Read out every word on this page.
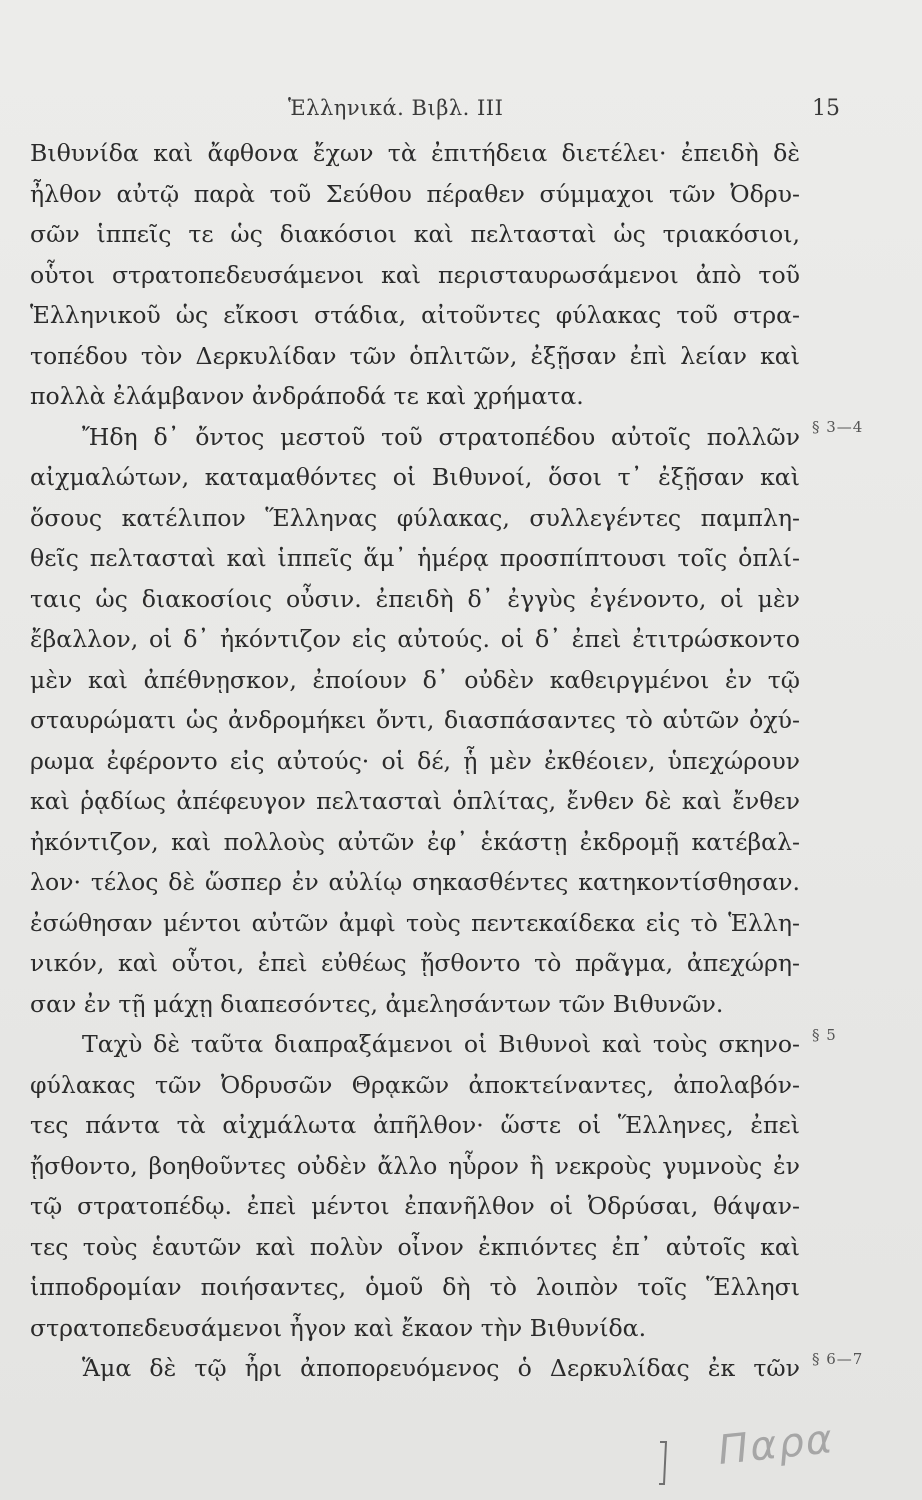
Ἑλληνικά. Βιβλ. III	15
Βιθυνίδα καὶ ἄφθονα ἔχων τὰ ἐπιτήδεια διετέλει· ἐπειδὴ δὲ
ἦλθον αὐτῷ παρὰ τοῦ Σεύθου πέραθεν σύμμαχοι τῶν Ὀδρυ-
σῶν ἱππεῖς τε ὡς διακόσιοι καὶ πελτασταὶ ὡς τριακόσιοι,
οὗτοι στρατοπεδευσάμενοι καὶ περισταυρωσάμενοι ἀπὸ τοῦ
Ἑλληνικοῦ ὡς εἴκοσι στάδια, αἰτοῦντες φύλακας τοῦ στρα-
τοπέδου τὸν Δερκυλίδαν τῶν ὁπλιτῶν, ἐξῇσαν ἐπὶ λείαν καὶ
πολλὰ ἐλάμβανον ἀνδράποδά τε καὶ χρήματα.
Ἤδη δ᾽ ὄντος μεστοῦ τοῦ στρατοπέδου αὐτοῖς πολλῶν
αἰχμαλώτων, καταμαθόντες οἱ Βιθυνοί, ὅσοι τ᾽ ἐξῇσαν καὶ
ὅσους κατέλιπον Ἕλληνας φύλακας, συλλεγέντες παμπλη-
θεῖς πελτασταὶ καὶ ἱππεῖς ἅμ᾽ ἡμέρᾳ προσπίπτουσι τοῖς ὁπλί-
ταις ὡς διακοσίοις οὖσιν. ἐπειδὴ δ᾽ ἐγγὺς ἐγένοντο, οἱ μὲν
ἔβαλλον, οἱ δ᾽ ἠκόντιζον εἰς αὐτούς. οἱ δ᾽ ἐπεὶ ἐτιτρώσκοντο
μὲν καὶ ἀπέθνῃσκον, ἐποίουν δ᾽ οὐδὲν καθειργμένοι ἐν τῷ
σταυρώματι ὡς ἀνδρομήκει ὄντι, διασπάσαντες τὸ αὑτῶν ὀχύ-
ρωμα ἐφέροντο εἰς αὐτούς· οἱ δέ, ᾗ μὲν ἐκθέοιεν, ὑπεχώρουν
καὶ ῥᾳδίως ἀπέφευγον πελτασταὶ ὁπλίτας, ἔνθεν δὲ καὶ ἔνθεν
ἠκόντιζον, καὶ πολλοὺς αὐτῶν ἐφ᾽ ἑκάστῃ ἐκδρομῇ κατέβαλ-
λον· τέλος δὲ ὥσπερ ἐν αὐλίῳ σηκασθέντες κατηκοντίσθησαν.
ἐσώθησαν μέντοι αὐτῶν ἀμφὶ τοὺς πεντεκαίδεκα εἰς τὸ Ἑλλη-
νικόν, καὶ οὗτοι, ἐπεὶ εὐθέως ᾔσθοντο τὸ πρᾶγμα, ἀπεχώρη-
σαν ἐν τῇ μάχῃ διαπεσόντες, ἀμελησάντων τῶν Βιθυνῶν.
Ταχὺ δὲ ταῦτα διαπραξάμενοι οἱ Βιθυνοὶ καὶ τοὺς σκηνο-
φύλακας τῶν Ὀδρυσῶν Θρᾳκῶν ἀποκτείναντες, ἀπολαβόν-
τες πάντα τὰ αἰχμάλωτα ἀπῆλθον· ὥστε οἱ Ἕλληνες, ἐπεὶ
ᾔσθοντο, βοηθοῦντες οὐδὲν ἄλλο ηὗρον ἢ νεκροὺς γυμνοὺς ἐν
τῷ στρατοπέδῳ. ἐπεὶ μέντοι ἐπανῆλθον οἱ Ὀδρύσαι, θάψαν-
τες τοὺς ἑαυτῶν καὶ πολὺν οἶνον ἐκπιόντες ἐπ᾽ αὐτοῖς καὶ
ἱπποδρομίαν ποιήσαντες, ὁμοῦ δὴ τὸ λοιπὸν τοῖς Ἕλλησι
στρατοπεδευσάμενοι ἦγον καὶ ἔκαον τὴν Βιθυνίδα.
Ἅμα δὲ τῷ ἦρι ἀποπορευόμενος ὁ Δερκυλίδας ἐκ τῶν
§ 3—4
§ 5
§ 6—7
Παρα
